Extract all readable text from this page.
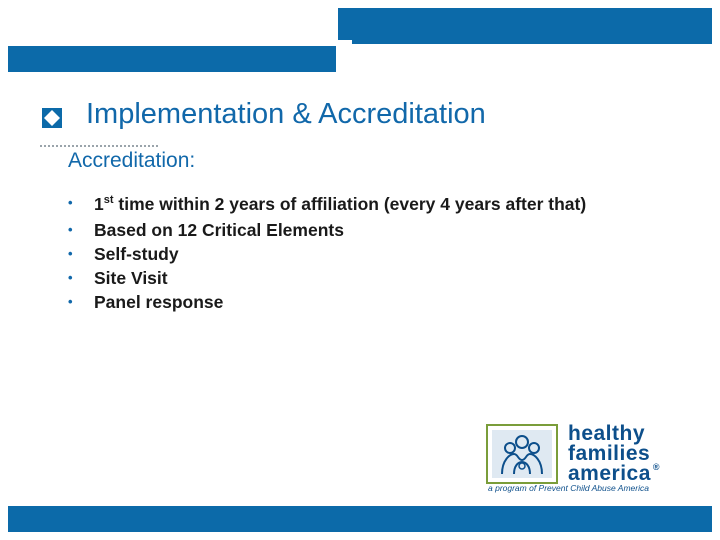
Implementation & Accreditation
Accreditation:
•	1st time within 2 years of affiliation (every 4 years after that)
•	Based on 12 Critical Elements
•	Self-study
•	Site Visit
•	Panel response
healthy
families
america ®
a program of Prevent Child Abuse America
